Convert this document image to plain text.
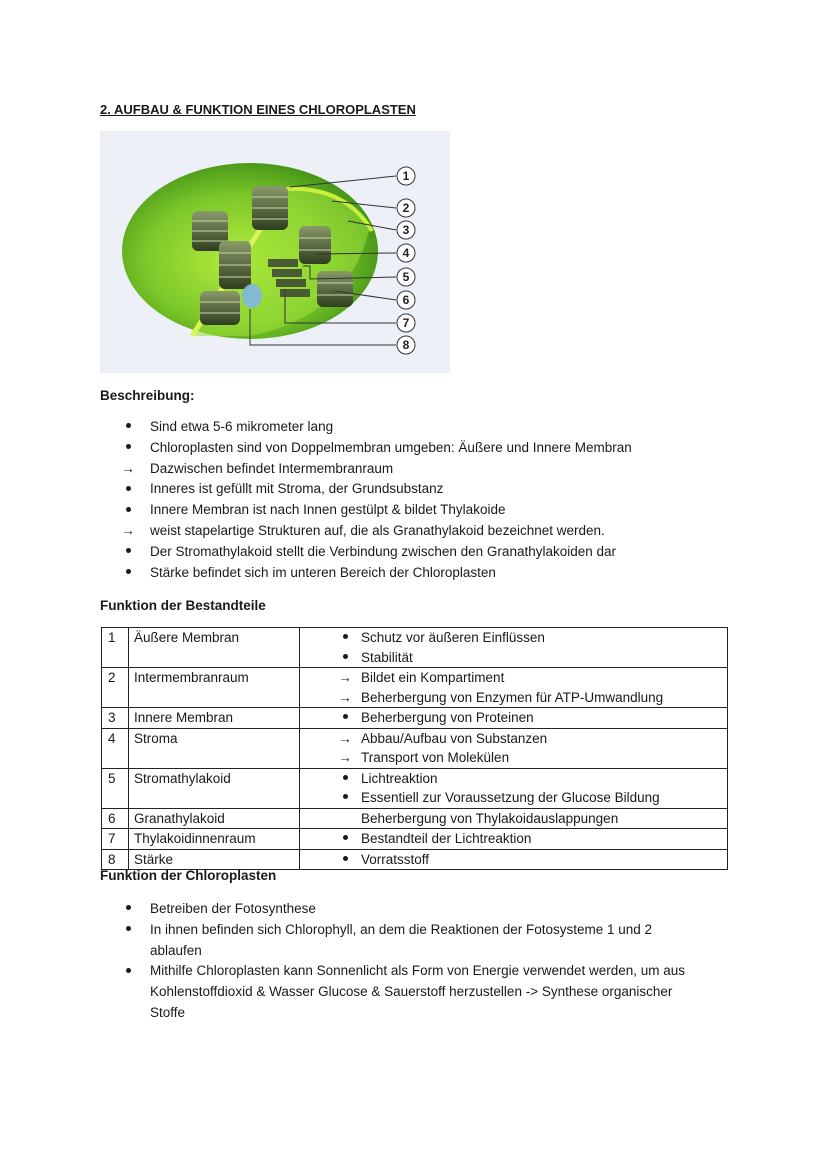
2. AUFBAU & FUNKTION EINES CHLOROPLASTEN
1
2
3
4
5
6
7
8
Beschreibung:
Sind etwa 5-6 mikrometer lang
Chloroplasten sind von Doppelmembran umgeben: Äußere und Innere Membran
→ Dazwischen befindet Intermembranraum
Inneres ist gefüllt mit Stroma, der Grundsubstanz
Innere Membran ist nach Innen gestülpt & bildet Thylakoide
→ weist stapelartige Strukturen auf, die als Granathylakoid bezeichnet werden.
Der Stromathylakoid stellt die Verbindung zwischen den Granathylakoiden dar
Stärke befindet sich im unteren Bereich der Chloroplasten
Funktion der Bestandteile
1	Äußere Membran	Schutz vor äußeren Einflüssen
Stabilität

2	Intermembranraum	→ Bildet ein Kompartiment
→ Beherbergung von Enzymen für ATP-Umwandlung

3	Innere Membran	Beherbergung von Proteinen

4	Stroma	→ Abbau/Aufbau von Substanzen
→ Transport von Molekülen

5	Stromathylakoid	Lichtreaktion
Essentiell zur Voraussetzung der Glucose Bildung

6	Granathylakoid	Beherbergung von Thylakoidauslappungen

7	Thylakoidinnenraum	Bestandteil der Lichtreaktion

8	Stärke	Vorratsstoff
Funktion der Chloroplasten
Betreiben der Fotosynthese
In ihnen befinden sich Chlorophyll, an dem die Reaktionen der Fotosysteme 1 und 2
ablaufen
Mithilfe Chloroplasten kann Sonnenlicht als Form von Energie verwendet werden, um aus
Kohlenstoffdioxid & Wasser Glucose & Sauerstoff herzustellen -> Synthese organischer
Stoffe
